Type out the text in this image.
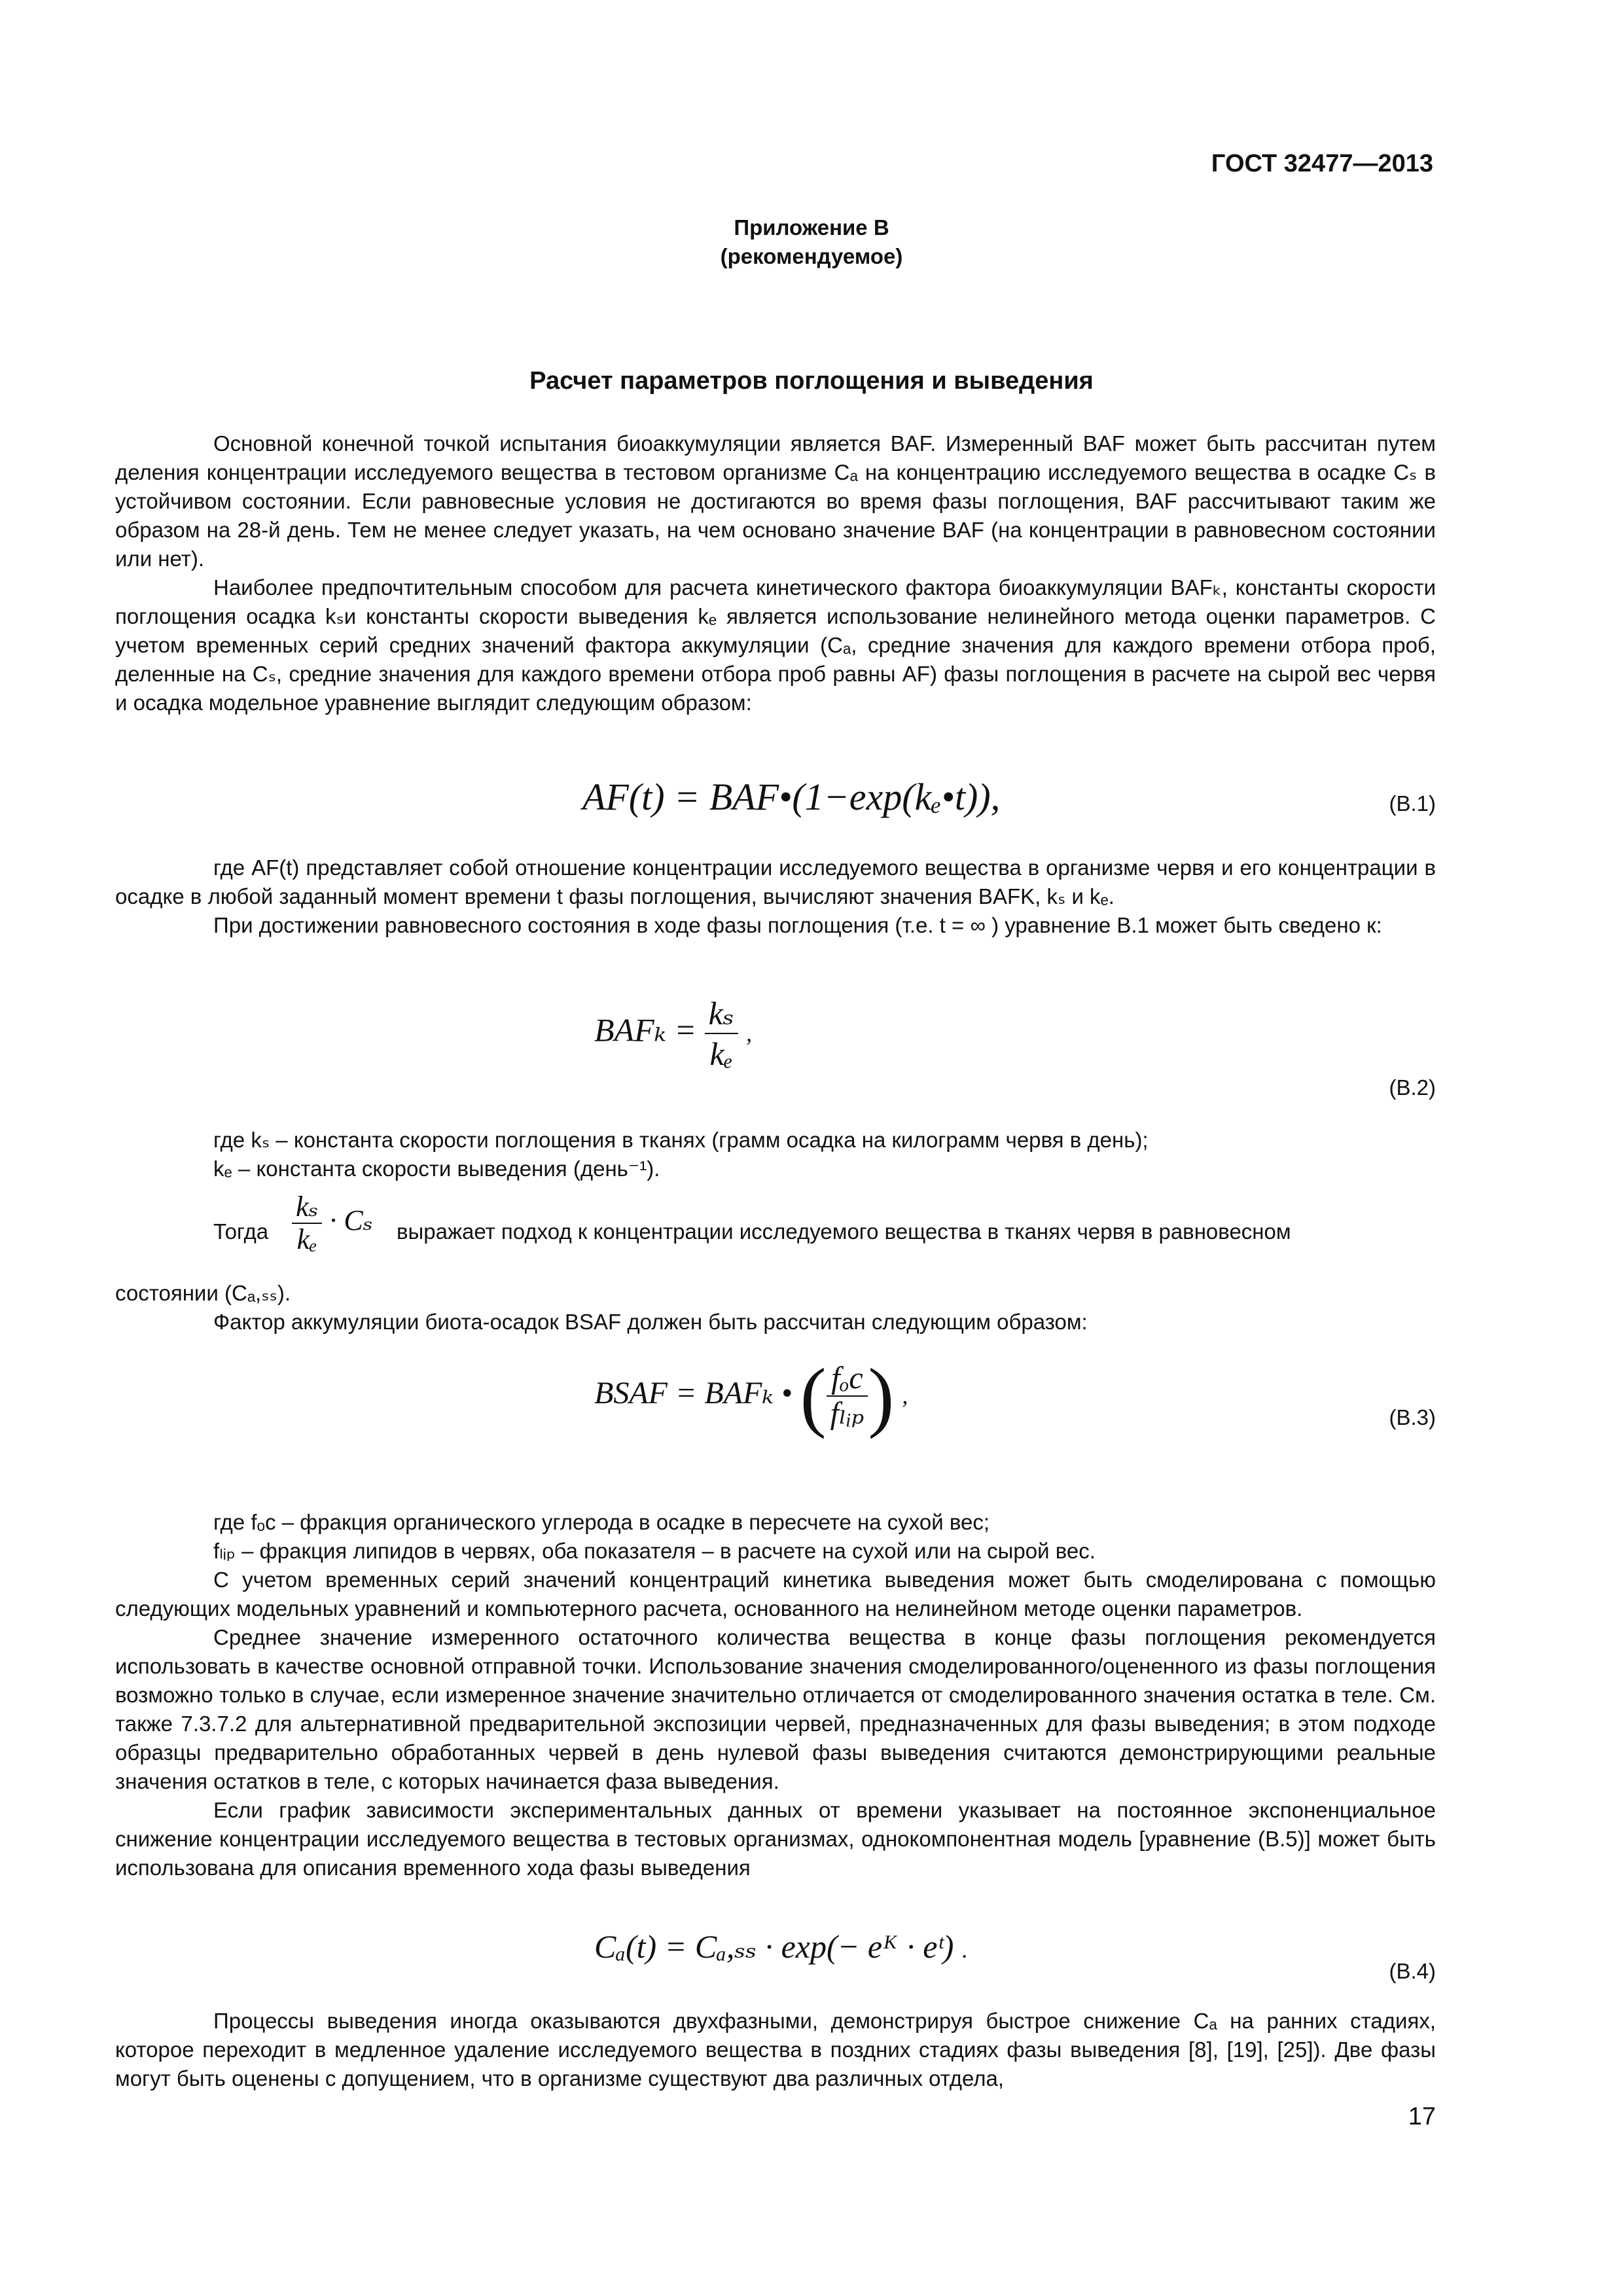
ГОСТ 32477—2013
Приложение В
(рекомендуемое)
Расчет параметров поглощения и выведения

Основной конечной точкой испытания биоаккумуляции является BAF. Измеренный BAF может быть рассчитан путем деления концентрации исследуемого вещества в тестовом организме Cₐ на концентрацию исследуемого вещества в осадке Cₛ в устойчивом состоянии. Если равновесные условия не достигаются во время фазы поглощения, BAF рассчитывают таким же образом на 28-й день. Тем не менее следует указать, на чем основано значение BAF (на концентрации в равновесном состоянии или нет).

Наиболее предпочтительным способом для расчета кинетического фактора биоаккумуляции BAFₖ, константы скорости поглощения осадка kₛи константы скорости выведения kₑ является использование нелинейного метода оценки параметров. С учетом временных серий средних значений фактора аккумуляции (Cₐ, средние значения для каждого времени отбора проб, деленные на Cₛ, средние значения для каждого времени отбора проб равны AF) фазы поглощения в расчете на сырой вес червя и осадка модельное уравнение выглядит следующим образом:

AF(t) = BAF•(1−exp(kₑ•t)),	(В.1)

где AF(t) представляет собой отношение концентрации исследуемого вещества в организме червя и его концентрации в осадке в любой заданный момент времени t фазы поглощения, вычисляют значения BAFK, kₛ и kₑ.

При достижении равновесного состояния в ходе фазы поглощения (т.е. t = ∞ ) уравнение В.1 может быть сведено к:

$BAF_k = \frac{\text{kₛ}}{\text{kₑ}}$ ,
(В.2)

где kₛ – константа скорости поглощения в тканях (грамм осадка на килограмм червя в день);

kₑ – константа скорости выведения (день⁻¹).

Тогда $\frac{\text{kₛ}}{\text{kₑ}} \cdot C_s$ выражает подход к концентрации исследуемого вещества в тканях червя в равновесном

состоянии (Cₐ,ₛₛ).

Фактор аккумуляции биота-осадок BSAF должен быть рассчитан следующим образом:

BSAF = BAFₖ • ( $\frac{\text{fₒc}}{\text{fₗᵢₚ}}$ ) ,
(В.3)

где fₒc – фракция органического углерода в осадке в пересчете на сухой вес;

fₗᵢₚ – фракция липидов в червях, оба показателя – в расчете на сухой или на сырой вес.

С учетом временных серий значений концентраций кинетика выведения может быть смоделирована с помощью следующих модельных уравнений и компьютерного расчета, основанного на нелинейном методе оценки параметров.

Среднее значение измеренного остаточного количества вещества в конце фазы поглощения рекомендуется использовать в качестве основной отправной точки. Использование значения смоделированного/оцененного из фазы поглощения возможно только в случае, если измеренное значение значительно отличается от смоделированного значения остатка в теле. См. также 7.3.7.2 для альтернативной предварительной экспозиции червей, предназначенных для фазы выведения; в этом подходе образцы предварительно обработанных червей в день нулевой фазы выведения считаются демонстрирующими реальные значения остатков в теле, с которых начинается фаза выведения.

Если график зависимости экспериментальных данных от времени указывает на постоянное экспоненциальное снижение концентрации исследуемого вещества в тестовых организмах, однокомпонентная модель [уравнение (В.5)] может быть использована для описания временного хода фазы выведения

Cₐ(t) = Cₐ,ₛₛ · exp(− eᴷ · eᵗ) .
(В.4)

Процессы выведения иногда оказываются двухфазными, демонстрируя быстрое снижение Cₐ на ранних стадиях, которое переходит в медленное удаление исследуемого вещества в поздних стадиях фазы выведения [8], [19], [25]). Две фазы могут быть оценены с допущением, что в организме существуют два различных отдела,

17
